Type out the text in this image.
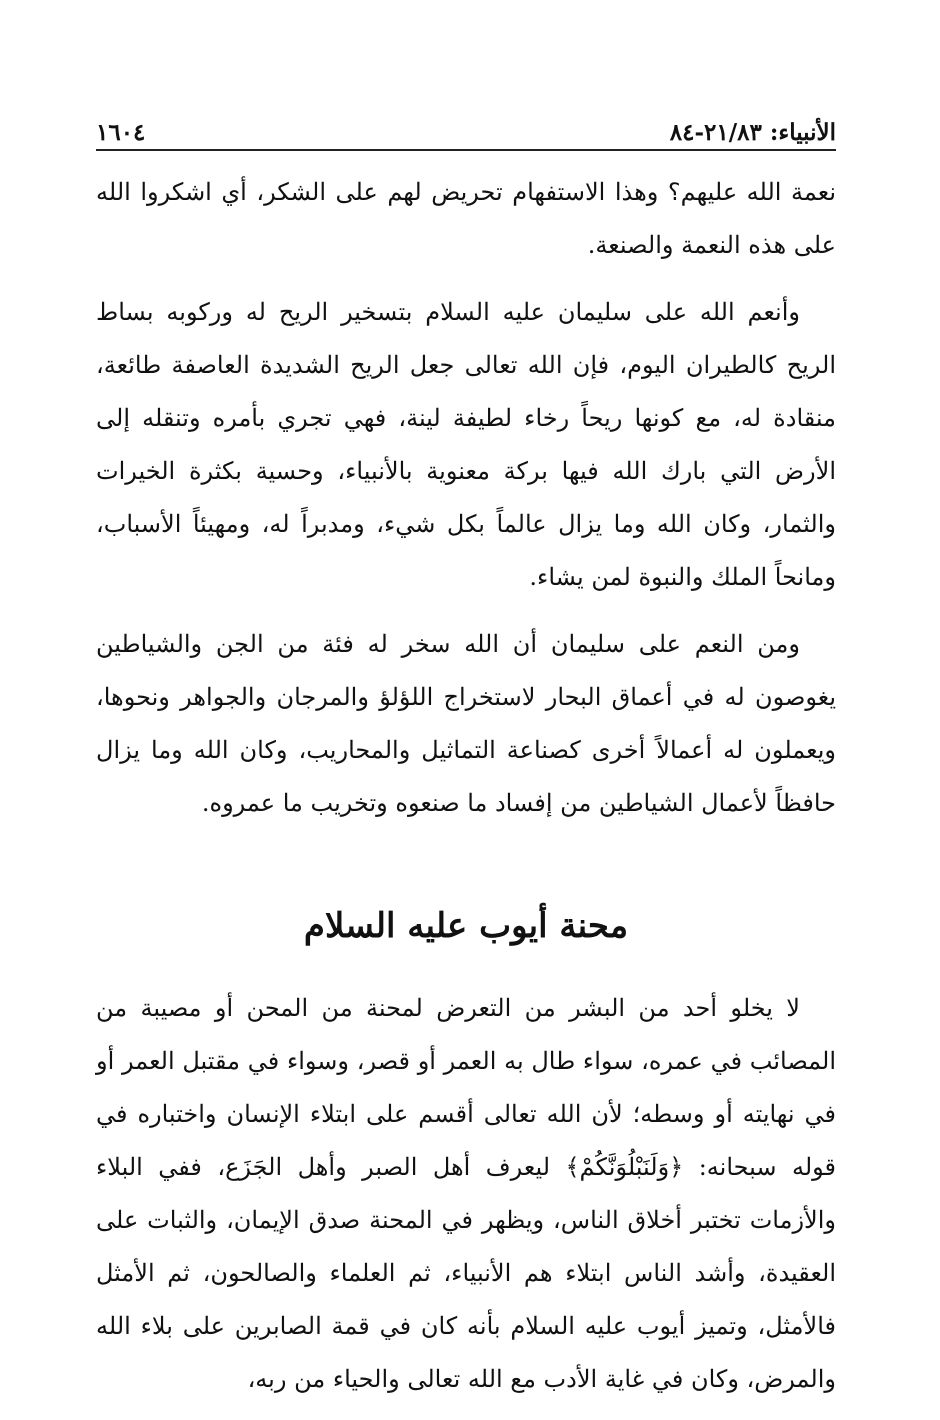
الأنبياء: ٢١/٨٣-٨٤
١٦٠٤

نعمة الله عليهم؟ وهذا الاستفهام تحريض لهم على الشكر، أي اشكروا الله على هذه النعمة والصنعة.

وأنعم الله على سليمان عليه السلام بتسخير الريح له وركوبه بساط الريح كالطيران اليوم، فإن الله تعالى جعل الريح الشديدة العاصفة طائعة، منقادة له، مع كونها ريحاً رخاء لطيفة لينة، فهي تجري بأمره وتنقله إلى الأرض التي بارك الله فيها بركة معنوية بالأنبياء، وحسية بكثرة الخيرات والثمار، وكان الله وما يزال عالماً بكل شيء، ومدبراً له، ومهيئاً الأسباب، ومانحاً الملك والنبوة لمن يشاء.

ومن النعم على سليمان أن الله سخر له فئة من الجن والشياطين يغوصون له في أعماق البحار لاستخراج اللؤلؤ والمرجان والجواهر ونحوها، ويعملون له أعمالاً أخرى كصناعة التماثيل والمحاريب، وكان الله وما يزال حافظاً لأعمال الشياطين من إفساد ما صنعوه وتخريب ما عمروه.

محنة أيوب عليه السلام

لا يخلو أحد من البشر من التعرض لمحنة من المحن أو مصيبة من المصائب في عمره، سواء طال به العمر أو قصر، وسواء في مقتبل العمر أو في نهايته أو وسطه؛ لأن الله تعالى أقسم على ابتلاء الإنسان واختباره في قوله سبحانه: ﴿وَلَنَبْلُوَنَّكُمْ﴾ ليعرف أهل الصبر وأهل الجَزَع، ففي البلاء والأزمات تختبر أخلاق الناس، ويظهر في المحنة صدق الإيمان، والثبات على العقيدة، وأشد الناس ابتلاء هم الأنبياء، ثم العلماء والصالحون، ثم الأمثل فالأمثل، وتميز أيوب عليه السلام بأنه كان في قمة الصابرين على بلاء الله والمرض، وكان في غاية الأدب مع الله تعالى والحياء من ربه،
